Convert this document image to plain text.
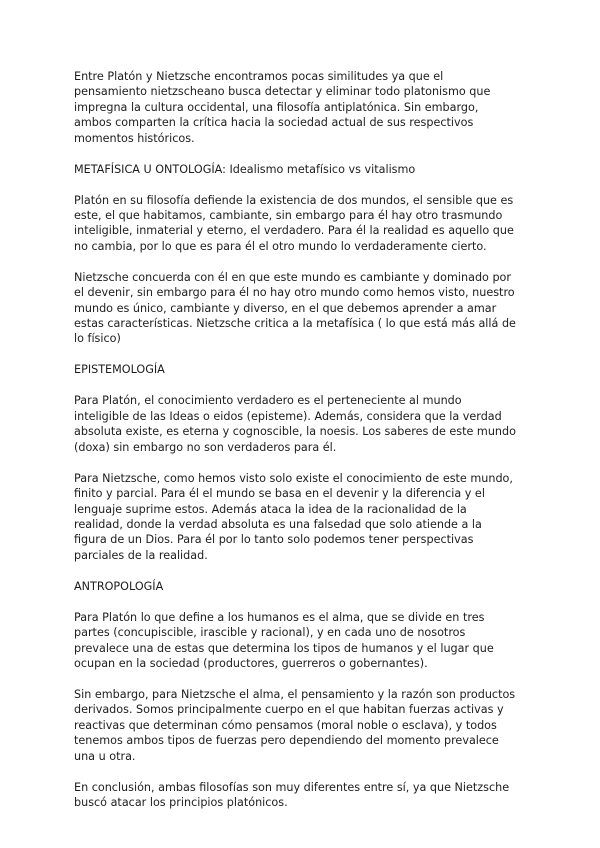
Entre Platón y Nietzsche encontramos pocas similitudes ya que el
pensamiento nietzscheano busca detectar y eliminar todo platonismo que
impregna la cultura occidental, una filosofía antiplatónica. Sin embargo,
ambos comparten la crítica hacia la sociedad actual de sus respectivos
momentos históricos.

METAFÍSICA U ONTOLOGÍA: Idealismo metafísico vs vitalismo

Platón en su filosofía defiende la existencia de dos mundos, el sensible que es
este, el que habitamos, cambiante, sin embargo para él hay otro trasmundo
inteligible, inmaterial y eterno, el verdadero. Para él la realidad es aquello que
no cambia, por lo que es para él el otro mundo lo verdaderamente cierto.

Nietzsche concuerda con él en que este mundo es cambiante y dominado por
el devenir, sin embargo para él no hay otro mundo como hemos visto, nuestro
mundo es único, cambiante y diverso, en el que debemos aprender a amar
estas características. Nietzsche critica a la metafísica ( lo que está más allá de
lo físico)

EPISTEMOLOGÍA

Para Platón, el conocimiento verdadero es el perteneciente al mundo
inteligible de las Ideas o eidos (episteme). Además, considera que la verdad
absoluta existe, es eterna y cognoscible, la noesis. Los saberes de este mundo
(doxa) sin embargo no son verdaderos para él.

Para Nietzsche, como hemos visto solo existe el conocimiento de este mundo,
finito y parcial. Para él el mundo se basa en el devenir y la diferencia y el
lenguaje suprime estos. Además ataca la idea de la racionalidad de la
realidad, donde la verdad absoluta es una falsedad que solo atiende a la
figura de un Dios. Para él por lo tanto solo podemos tener perspectivas
parciales de la realidad.

ANTROPOLOGÍA

Para Platón lo que define a los humanos es el alma, que se divide en tres
partes (concupiscible, irascible y racional), y en cada uno de nosotros
prevalece una de estas que determina los tipos de humanos y el lugar que
ocupan en la sociedad (productores, guerreros o gobernantes).

Sin embargo, para Nietzsche el alma, el pensamiento y la razón son productos
derivados. Somos principalmente cuerpo en el que habitan fuerzas activas y
reactivas que determinan cómo pensamos (moral noble o esclava), y todos
tenemos ambos tipos de fuerzas pero dependiendo del momento prevalece
una u otra.

En conclusión, ambas filosofías son muy diferentes entre sí, ya que Nietzsche
buscó atacar los principios platónicos.
